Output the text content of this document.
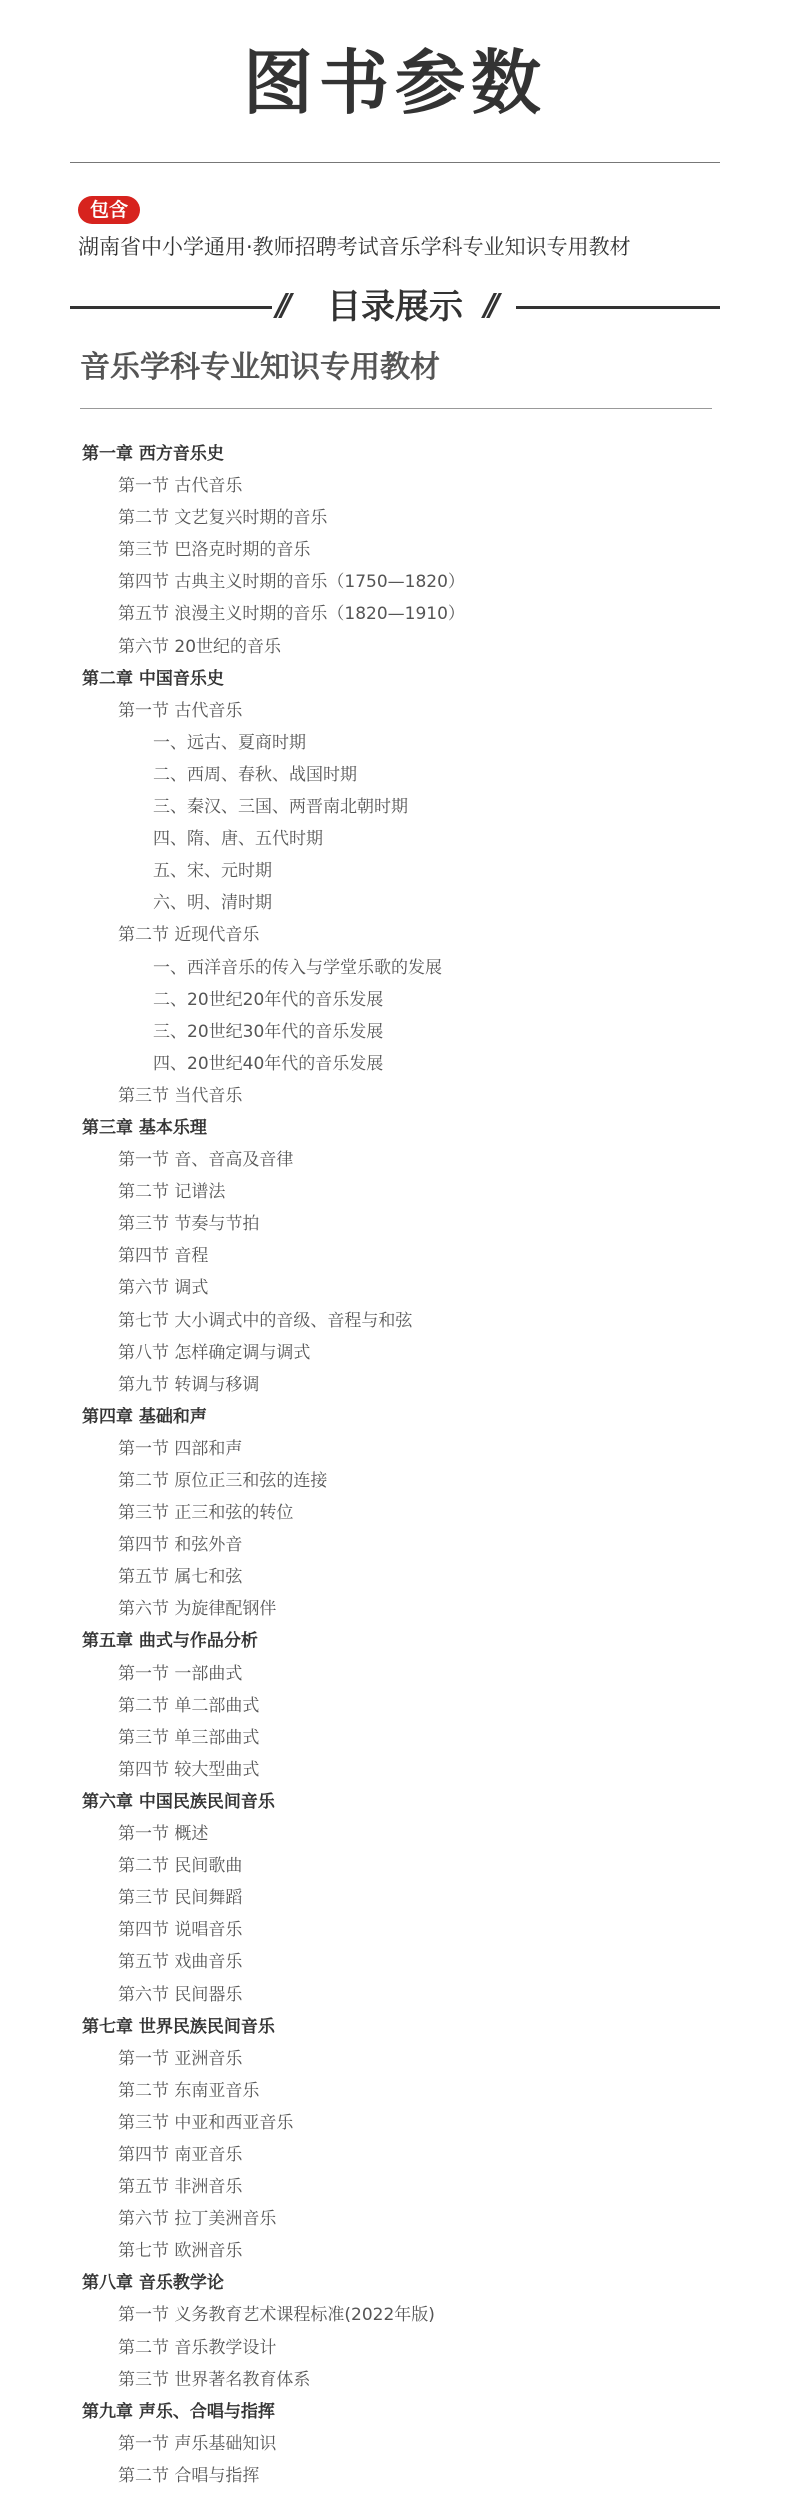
图书参数
包含
湖南省中小学通用·教师招聘考试音乐学科专业知识专用教材
// 目录展示 //
音乐学科专业知识专用教材
第一章 西方音乐史
第一节 古代音乐
第二节 文艺复兴时期的音乐
第三节 巴洛克时期的音乐
第四节 古典主义时期的音乐（1750—1820）
第五节 浪漫主义时期的音乐（1820—1910）
第六节 20世纪的音乐
第二章 中国音乐史
第一节 古代音乐
一、远古、夏商时期
二、西周、春秋、战国时期
三、秦汉、三国、两晋南北朝时期
四、隋、唐、五代时期
五、宋、元时期
六、明、清时期
第二节 近现代音乐
一、西洋音乐的传入与学堂乐歌的发展
二、20世纪20年代的音乐发展
三、20世纪30年代的音乐发展
四、20世纪40年代的音乐发展
第三节 当代音乐
第三章 基本乐理
第一节 音、音高及音律
第二节 记谱法
第三节 节奏与节拍
第四节 音程
第六节 调式
第七节 大小调式中的音级、音程与和弦
第八节 怎样确定调与调式
第九节 转调与移调
第四章 基础和声
第一节 四部和声
第二节 原位正三和弦的连接
第三节 正三和弦的转位
第四节 和弦外音
第五节 属七和弦
第六节 为旋律配钢伴
第五章 曲式与作品分析
第一节 一部曲式
第二节 单二部曲式
第三节 单三部曲式
第四节 较大型曲式
第六章 中国民族民间音乐
第一节 概述
第二节 民间歌曲
第三节 民间舞蹈
第四节 说唱音乐
第五节 戏曲音乐
第六节 民间器乐
第七章 世界民族民间音乐
第一节 亚洲音乐
第二节 东南亚音乐
第三节 中亚和西亚音乐
第四节 南亚音乐
第五节 非洲音乐
第六节 拉丁美洲音乐
第七节 欧洲音乐
第八章 音乐教学论
第一节 义务教育艺术课程标准(2022年版)
第二节 音乐教学设计
第三节 世界著名教育体系
第九章 声乐、合唱与指挥
第一节 声乐基础知识
第二节 合唱与指挥
